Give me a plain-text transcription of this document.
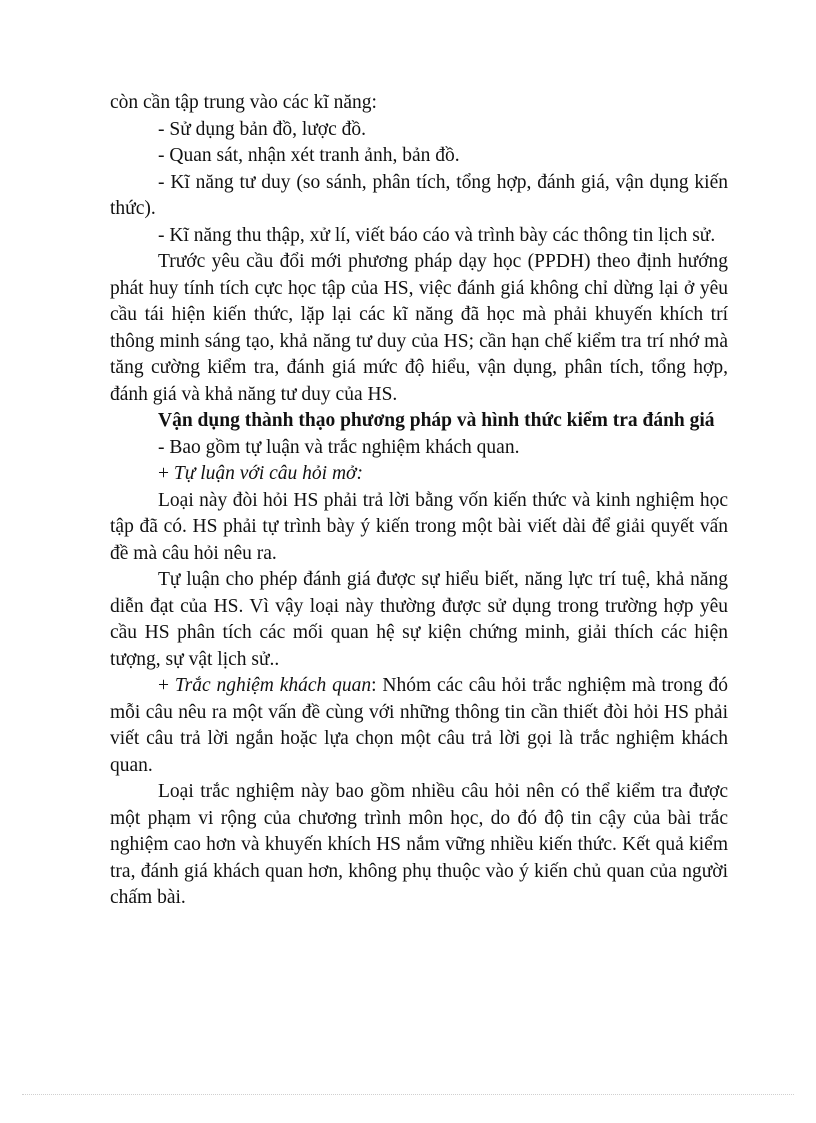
còn cần tập trung vào các kĩ năng:

- Sử dụng bản đồ, lược đồ.

- Quan sát, nhận xét tranh ảnh, bản đồ.

- Kĩ năng tư duy (so sánh, phân tích, tổng hợp, đánh giá, vận dụng kiến thức).

- Kĩ năng thu thập, xử lí, viết báo cáo và trình bày các thông tin lịch sử.

Trước yêu cầu đổi mới phương pháp dạy học (PPDH) theo định hướng phát huy tính tích cực học tập của HS, việc đánh giá không chỉ dừng lại ở yêu cầu tái hiện kiến thức, lặp lại các kĩ năng đã học mà phải khuyến khích trí thông minh sáng tạo, khả năng tư duy của HS; cần hạn chế kiểm tra trí nhớ mà tăng cường kiểm tra, đánh giá mức độ hiểu, vận dụng, phân tích, tổng hợp, đánh giá và khả năng tư duy của HS.

Vận dụng thành thạo phương pháp và hình thức kiểm tra đánh giá

- Bao gồm tự luận và trắc nghiệm khách quan.

+ Tự luận với câu hỏi mở:

Loại này đòi hỏi HS phải trả lời bằng vốn kiến thức và kinh nghiệm học tập đã có. HS phải tự trình bày ý kiến trong một bài viết dài để giải quyết vấn đề mà câu hỏi nêu ra.

Tự luận cho phép đánh giá được sự hiểu biết, năng lực trí tuệ, khả năng diễn đạt của HS. Vì vậy loại này thường được sử dụng trong trường hợp yêu cầu HS phân tích các mối quan hệ sự kiện chứng minh, giải thích các hiện tượng, sự vật lịch sử..

+ Trắc nghiệm khách quan: Nhóm các câu hỏi trắc nghiệm mà trong đó mỗi câu nêu ra một vấn đề cùng với những thông tin cần thiết đòi hỏi HS phải viết câu trả lời ngắn hoặc lựa chọn một câu trả lời gọi là trắc nghiệm khách quan.

Loại trắc nghiệm này bao gồm nhiều câu hỏi nên có thể kiểm tra được một phạm vi rộng của chương trình môn học, do đó độ tin cậy của bài trắc nghiệm cao hơn và khuyến khích HS nắm vững nhiều kiến thức. Kết quả kiểm tra, đánh giá khách quan hơn, không phụ thuộc vào ý kiến chủ quan của người chấm bài.
